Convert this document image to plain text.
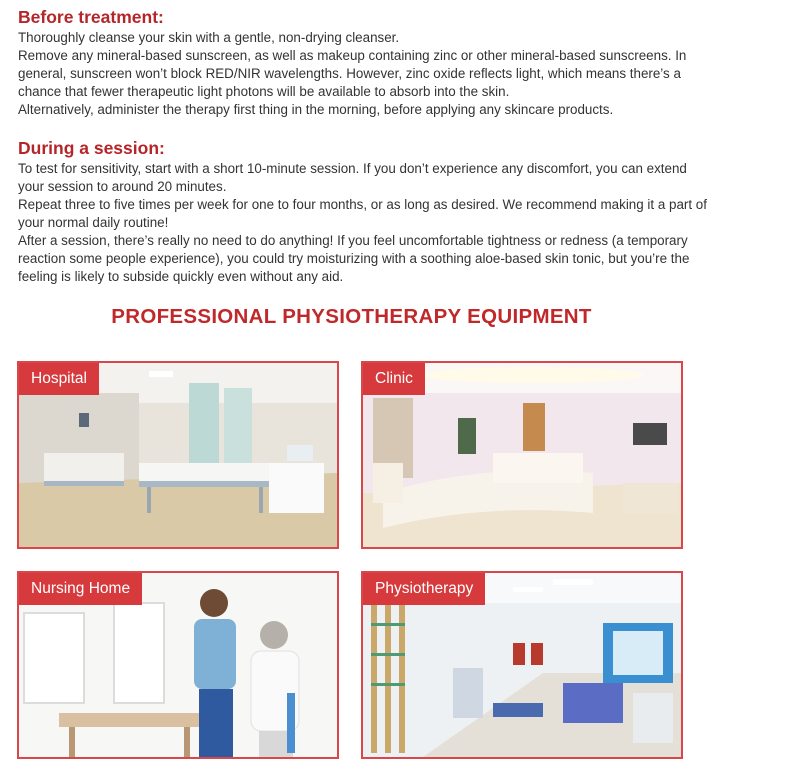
Before treatment:

Thoroughly cleanse your skin with a gentle, non-drying cleanser.

Remove any mineral-based sunscreen, as well as makeup containing zinc or other mineral-based sunscreens. In general, sunscreen won’t block RED/NIR wavelengths. However, zinc oxide reflects light, which means there’s a chance that fewer therapeutic light photons will be available to absorb into the skin.

Alternatively, administer the therapy first thing in the morning, before applying any skincare products.

During a session:

To test for sensitivity, start with a short 10-minute session. If you don’t experience any discomfort, you can extend your session to around 20 minutes.

Repeat three to five times per week for one to four months, or as long as desired. We recommend making it a part of your normal daily routine!

After a session, there’s really no need to do anything! If you feel uncomfortable tightness or redness (a temporary reaction some people experience), you could try moisturizing with a soothing aloe-based skin tonic, but you’re the feeling is likely to subside quickly even without any aid.

PROFESSIONAL PHYSIOTHERAPY EQUIPMENT
Hospital	Clinic
Nursing Home	Physiotherapy
